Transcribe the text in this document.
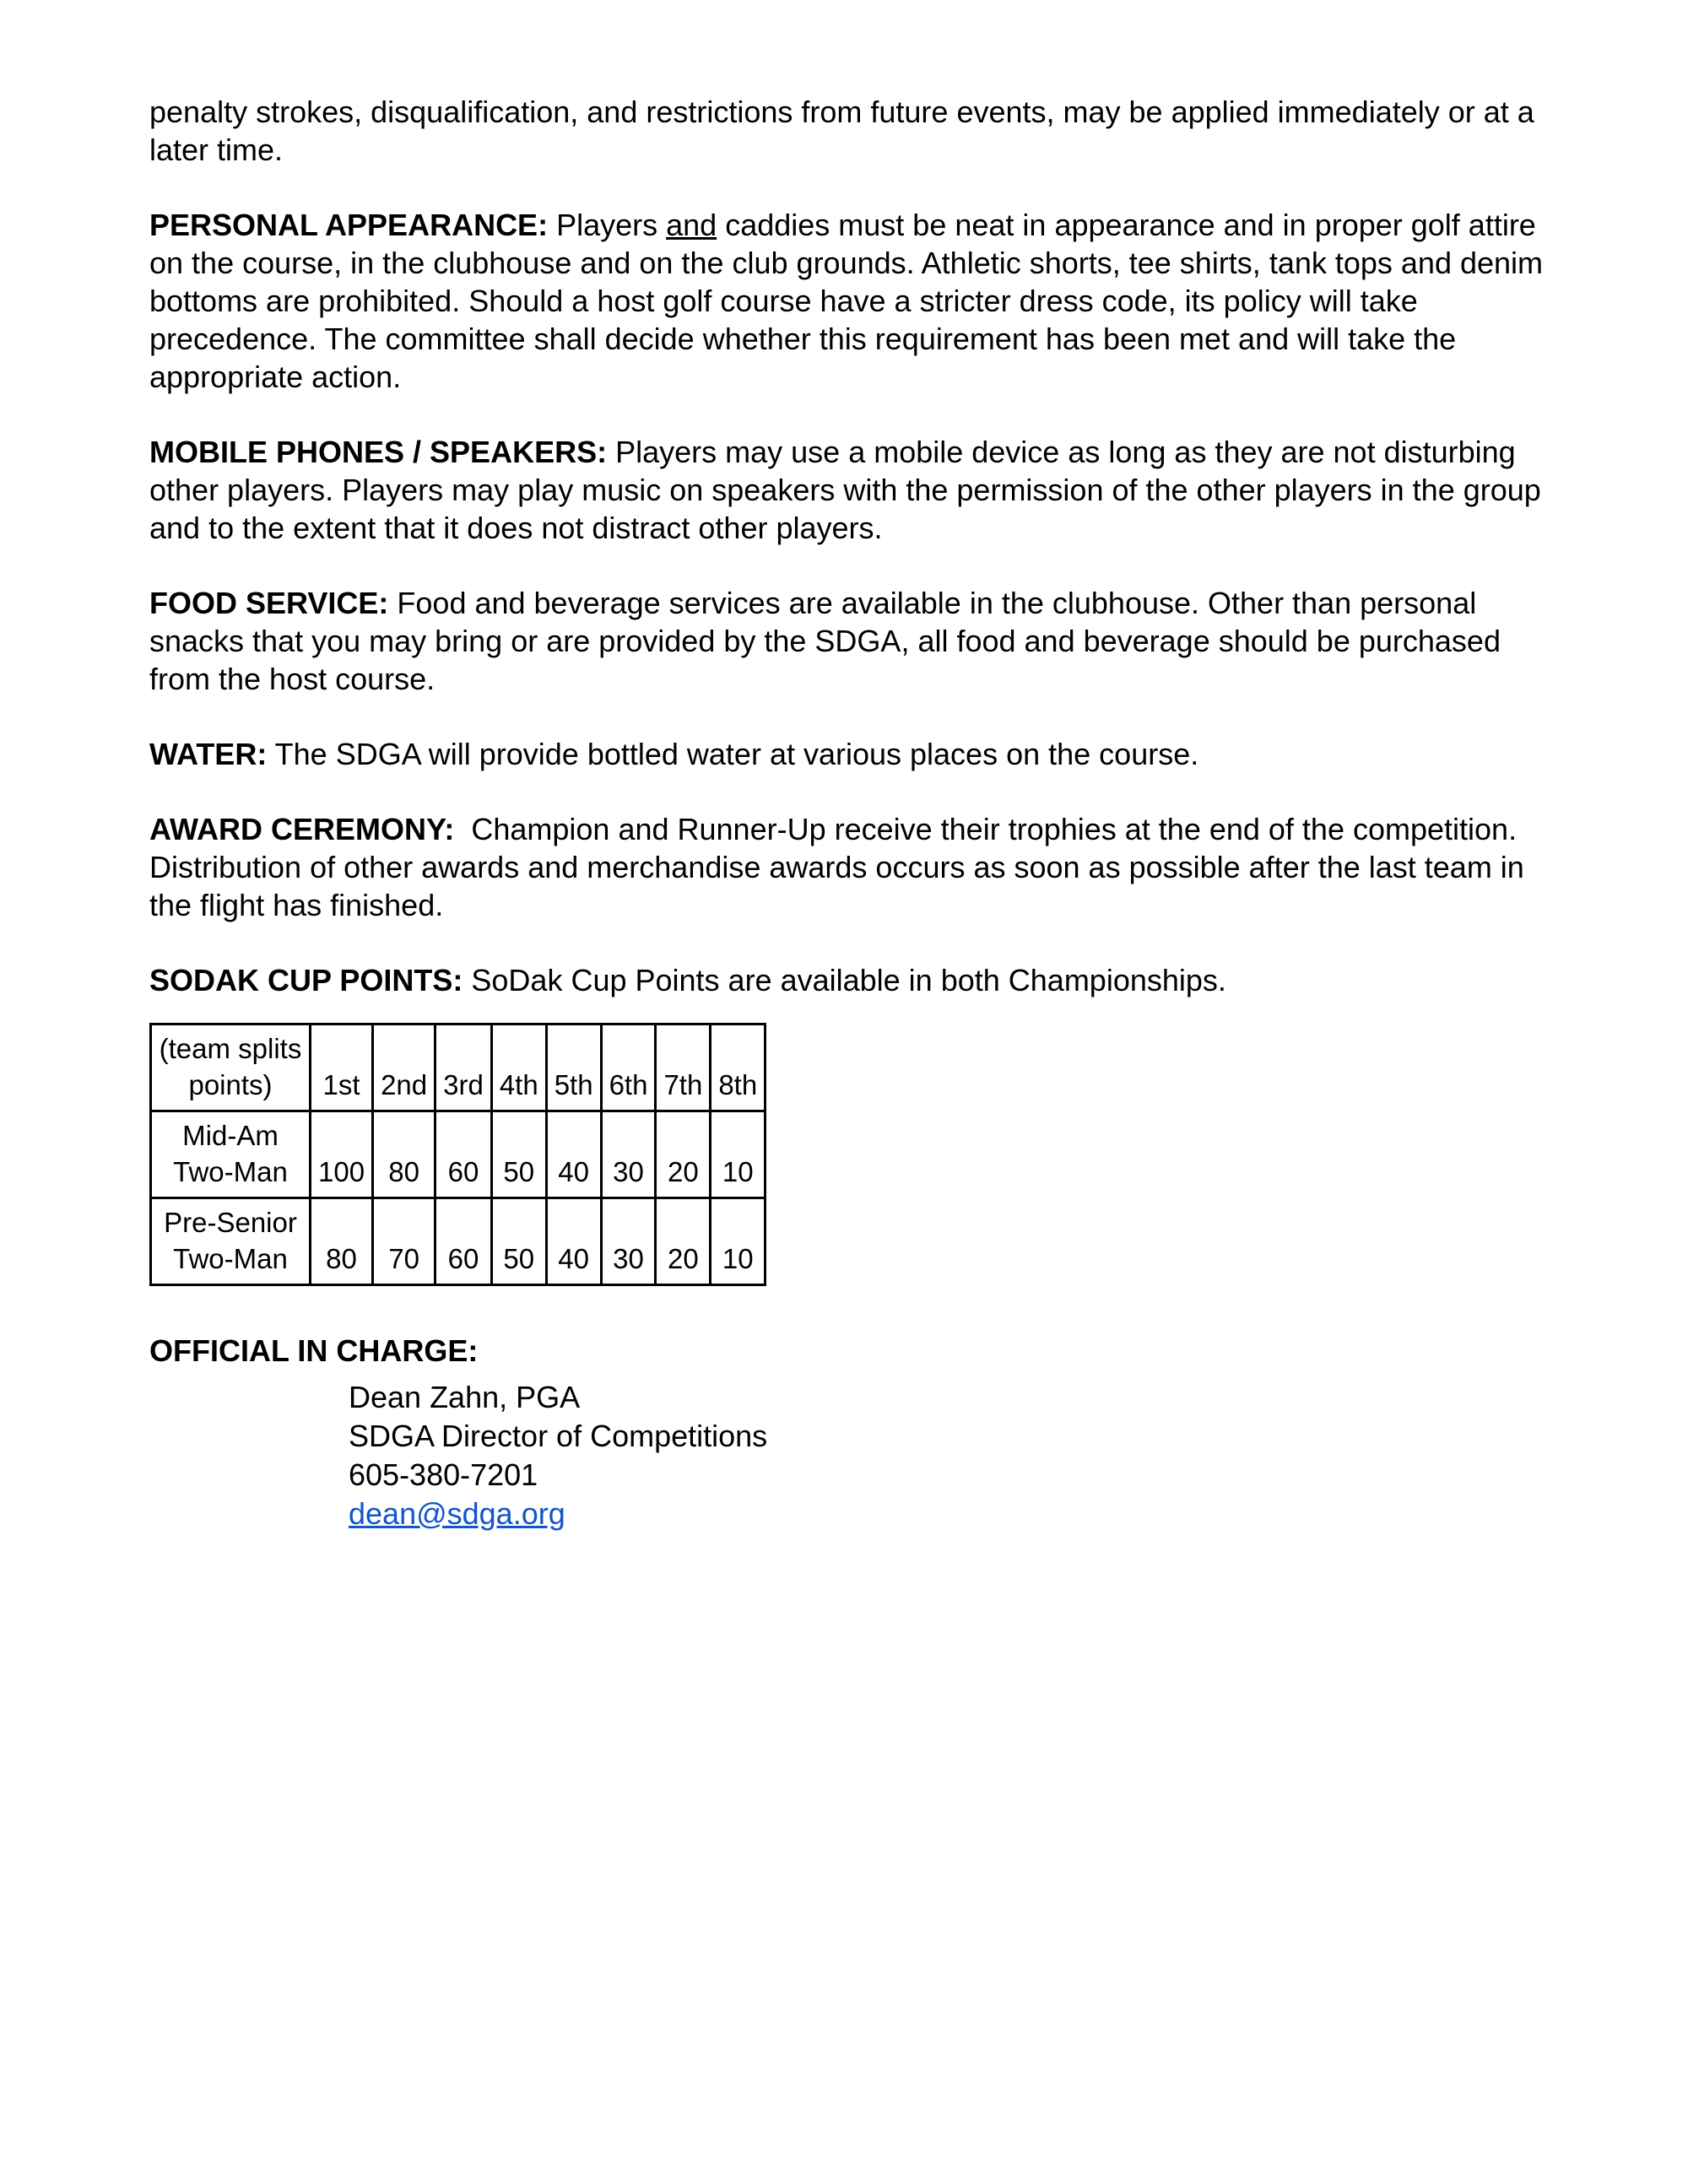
penalty strokes, disqualification, and restrictions from future events, may be applied immediately or at a later time.

PERSONAL APPEARANCE: Players and caddies must be neat in appearance and in proper golf attire on the course, in the clubhouse and on the club grounds. Athletic shorts, tee shirts, tank tops and denim bottoms are prohibited. Should a host golf course have a stricter dress code, its policy will take precedence. The committee shall decide whether this requirement has been met and will take the appropriate action.

MOBILE PHONES / SPEAKERS: Players may use a mobile device as long as they are not disturbing other players. Players may play music on speakers with the permission of the other players in the group and to the extent that it does not distract other players.

FOOD SERVICE: Food and beverage services are available in the clubhouse. Other than personal snacks that you may bring or are provided by the SDGA, all food and beverage should be purchased from the host course.

WATER: The SDGA will provide bottled water at various places on the course.

AWARD CEREMONY: Champion and Runner-Up receive their trophies at the end of the competition. Distribution of other awards and merchandise awards occurs as soon as possible after the last team in the flight has finished.

SODAK CUP POINTS: SoDak Cup Points are available in both Championships.

(team splits
points)	1st	2nd	3rd	4th	5th	6th	7th	8th
Mid-Am
Two-Man	100	80	60	50	40	30	20	10
Pre-Senior
Two-Man	80	70	60	50	40	30	20	10
OFFICIAL IN CHARGE:
Dean Zahn, PGA
SDGA Director of Competitions
605-380-7201
dean@sdga.org
